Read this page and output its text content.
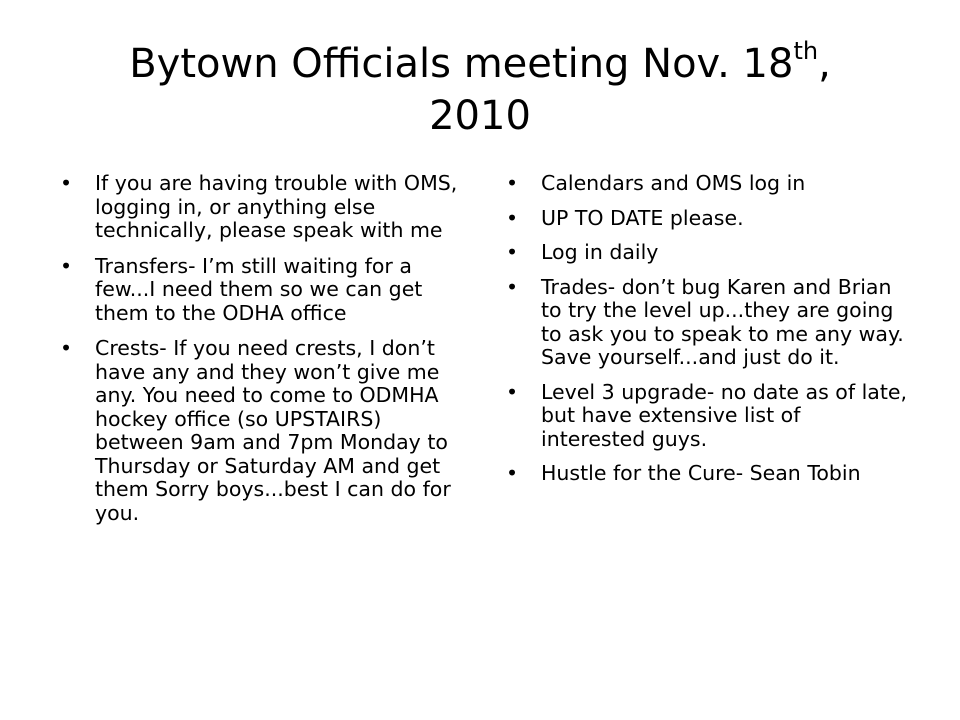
Bytown Officials meeting Nov. 18th,
2010
•	If you are having trouble with OMS, logging in, or anything else technically, please speak with me
•	Transfers- I’m still waiting for a few...I need them so we can get them to the ODHA office
•	Crests- If you need crests, I don’t have any and they won’t give me any. You need to come to ODMHA hockey office (so UPSTAIRS) between 9am and 7pm Monday to Thursday or Saturday AM and get them Sorry boys...best I can do for you.
•	Calendars and OMS log in
•	UP TO DATE please.
•	Log in daily
•	Trades- don’t bug Karen and Brian to try the level up...they are going to ask you to speak to me any way. Save yourself...and just do it.
•	Level 3 upgrade- no date as of late, but have extensive list of interested guys.
•	Hustle for the Cure- Sean Tobin
